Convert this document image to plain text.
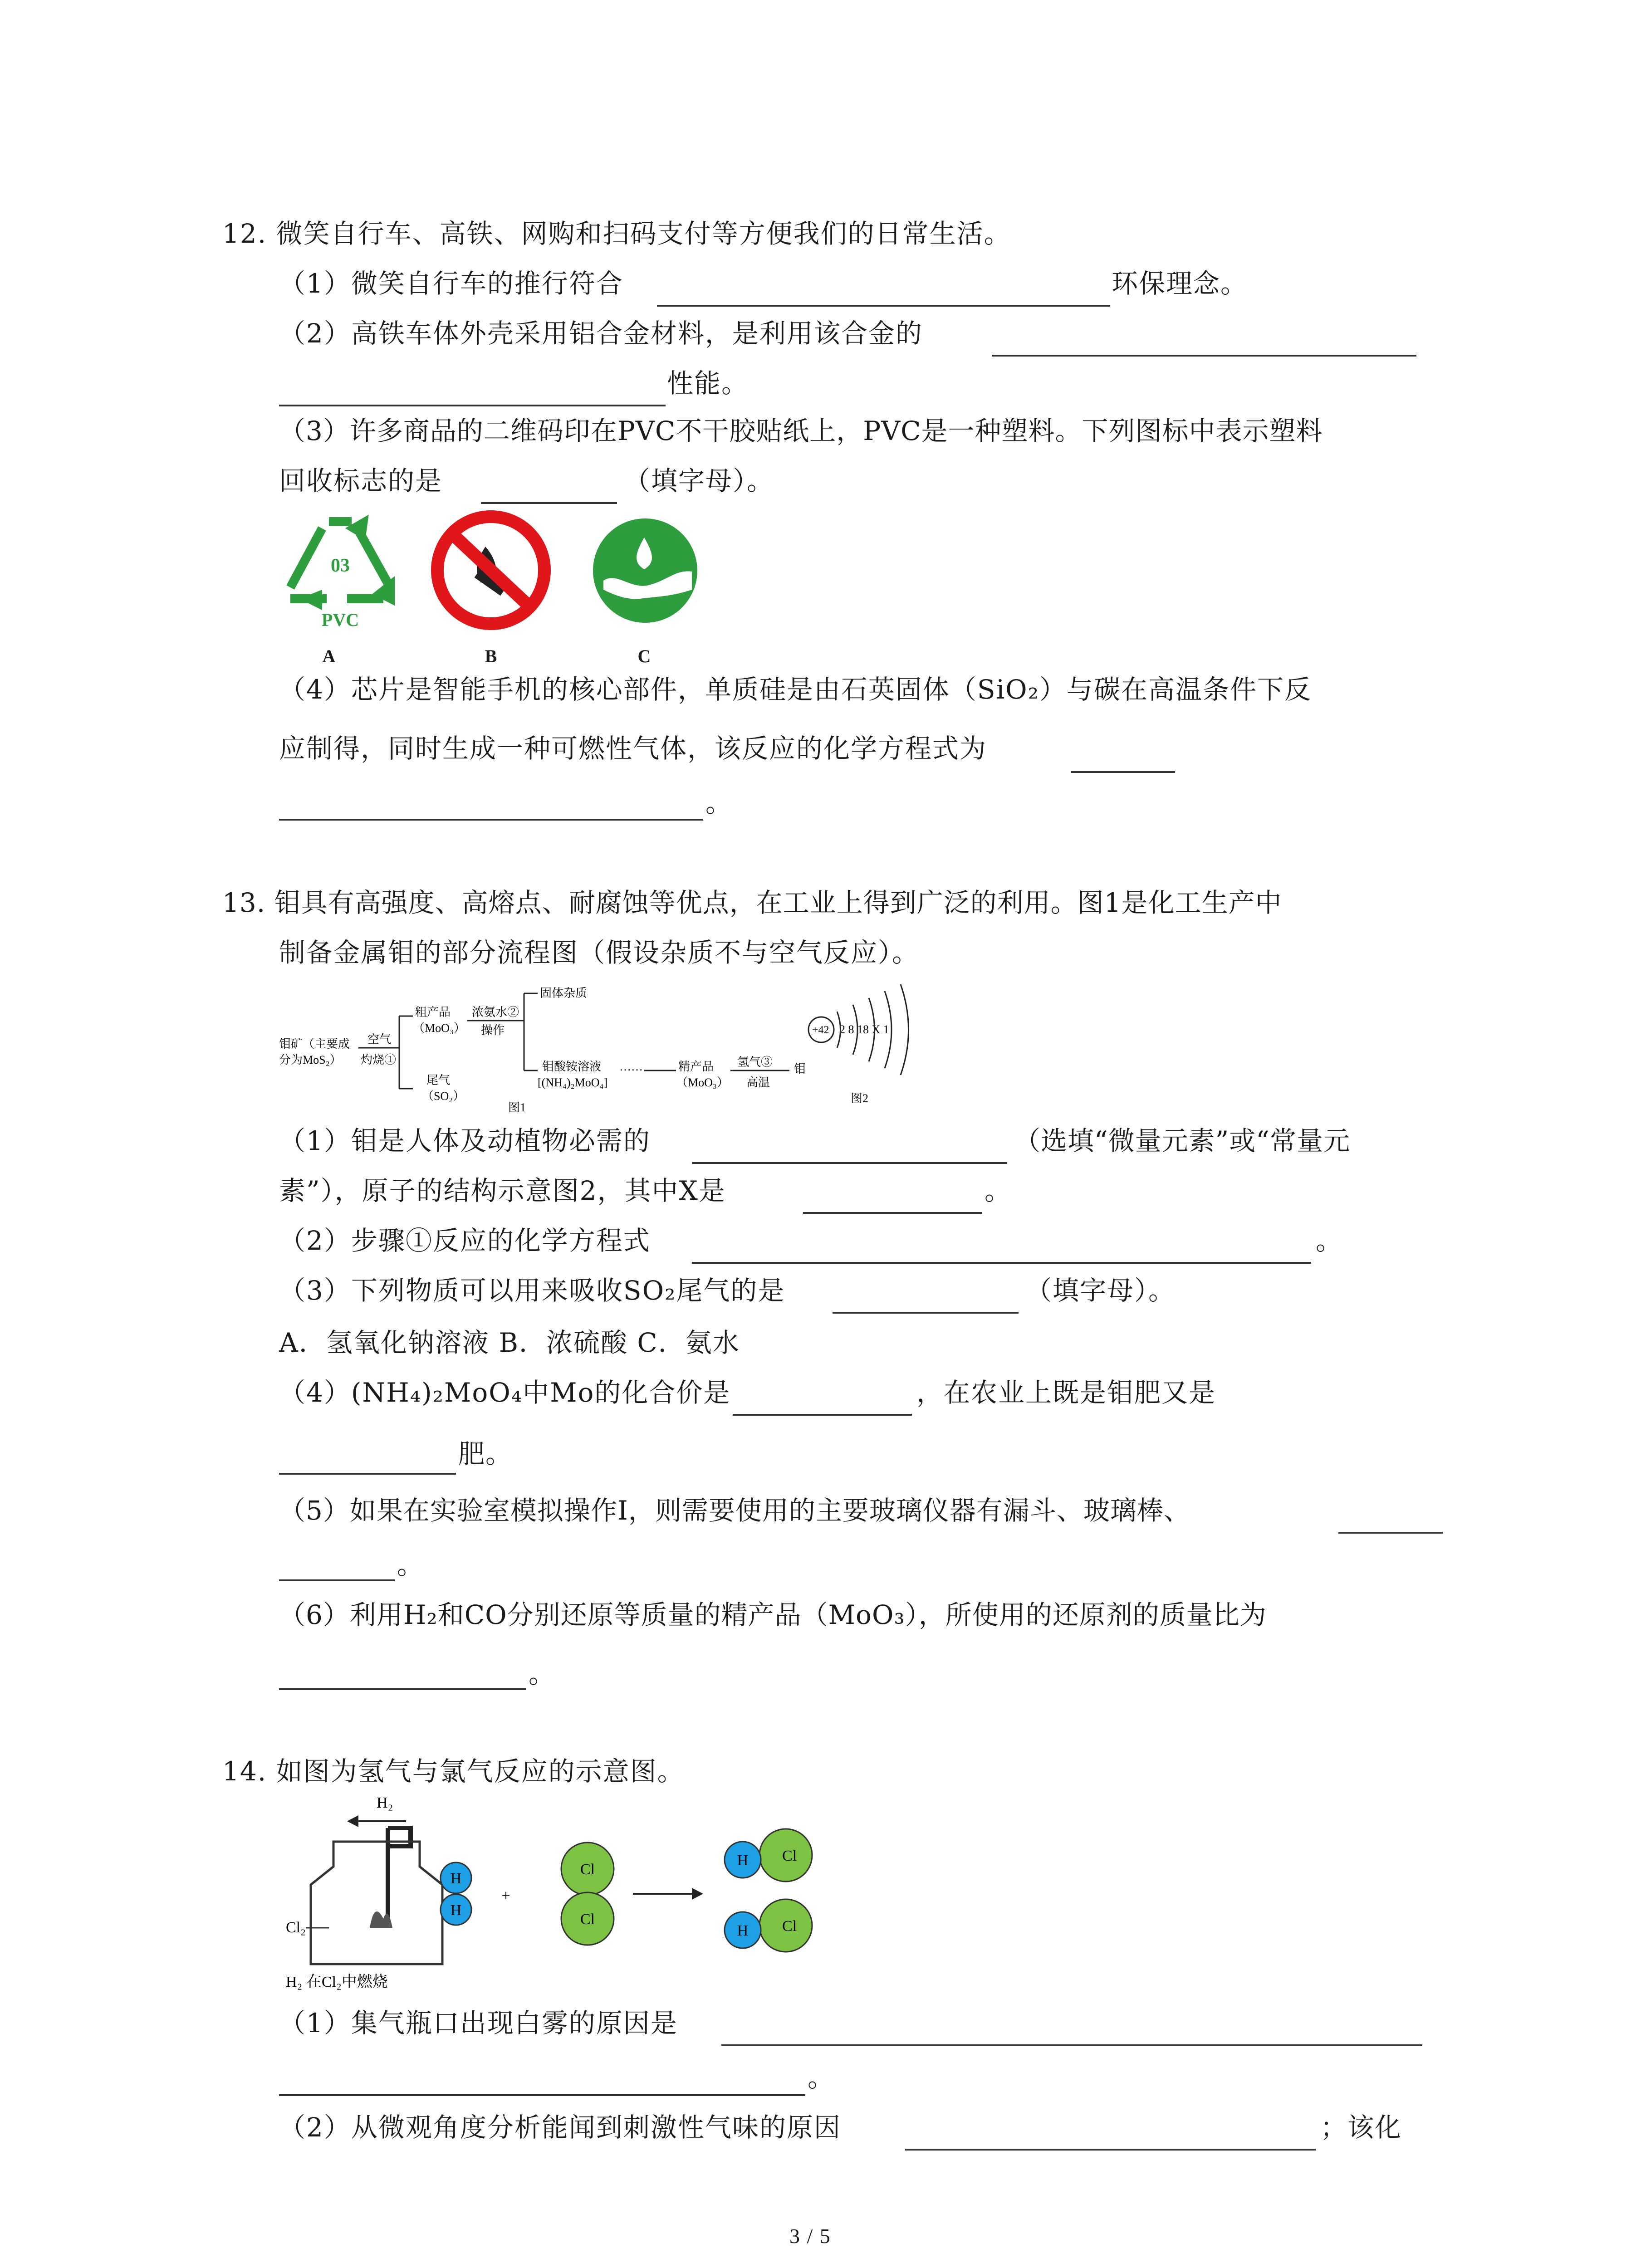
12. 微笑自行车、高铁、网购和扫码支付等方便我们的日常生活。
（1）微笑自行车的推行符合	环保理念。
（2）高铁车体外壳采用铝合金材料，是利用该合金的
性能。
（3）许多商品的二维码印在PVC不干胶贴纸上，PVC是一种塑料。下列图标中表示塑料
回收标志的是	（填字母）。
03
PVC
A	B	C
（4）芯片是智能手机的核心部件，单质硅是由石英固体（SiO₂）与碳在高温条件下反
应制得，同时生成一种可燃性气体，该反应的化学方程式为
。
13. 钼具有高强度、高熔点、耐腐蚀等优点，在工业上得到广泛的利用。图1是化工生产中
制备金属钼的部分流程图（假设杂质不与空气反应）。
钼矿（主要成
分为MoS₂）
空气
灼烧①
粗产品
（MoO₃）
浓氨水②
操作
固体杂质
尾气
（SO₂）
钼酸铵溶液
[(NH₄)₂MoO₄]
……	精产品
（MoO₃）
氢气③
高温
钼
图1
+42 2 8 18 X 1
图2
（1）钼是人体及动植物必需的	（选填“微量元素”或“常量元
素”），原子的结构示意图2，其中X是	。
（2）步骤①反应的化学方程式	。
（3）下列物质可以用来吸收SO₂尾气的是	（填字母）。
A．氢氧化钠溶液 B．浓硫酸 C．氨水
（4）(NH₄)₂MoO₄中Mo的化合价是	，在农业上既是钼肥又是
肥。
（5）如果在实验室模拟操作Ⅰ，则需要使用的主要玻璃仪器有漏斗、玻璃棒、
。
（6）利用H₂和CO分别还原等质量的精产品（MoO₃），所使用的还原剂的质量比为
。
14. 如图为氢气与氯气反应的示意图。
H₂
Cl₂
H₂ 在Cl₂中燃烧
H
H
+
Cl
Cl
H Cl
H Cl
（1）集气瓶口出现白雾的原因是
。
（2）从微观角度分析能闻到刺激性气味的原因	；该化
3 / 5
